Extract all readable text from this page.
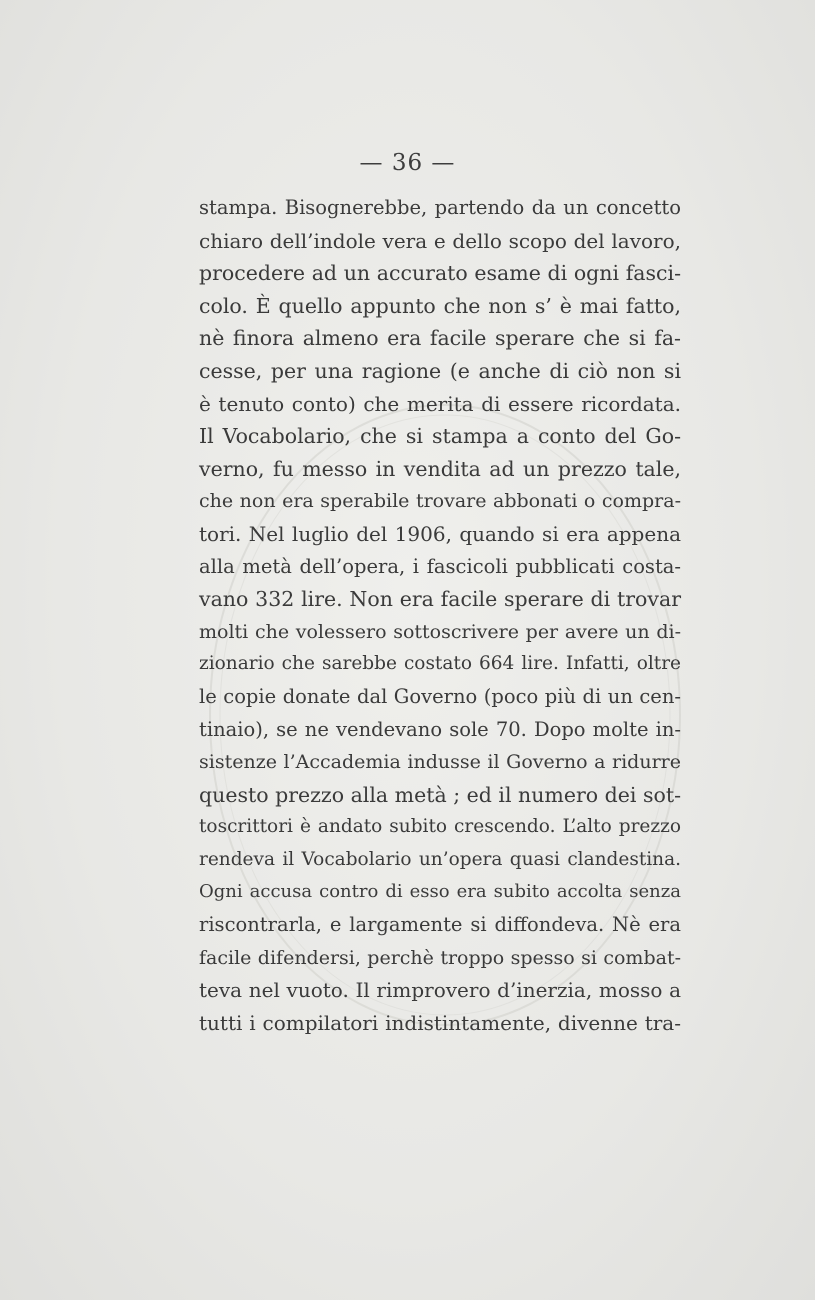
— 36 —
stampa. Bisognerebbe, partendo da un concetto
chiaro dell’indole vera e dello scopo del lavoro,
procedere ad un accurato esame di ogni fasci-
colo. È quello appunto che non s’ è mai fatto,
nè finora almeno era facile sperare che si fa-
cesse, per una ragione (e anche di ciò non si
è tenuto conto) che merita di essere ricordata.
Il Vocabolario, che si stampa a conto del Go-
verno, fu messo in vendita ad un prezzo tale,
che non era sperabile trovare abbonati o compra-
tori. Nel luglio del 1906, quando si era appena
alla metà dell’opera, i fascicoli pubblicati costa-
vano 332 lire. Non era facile sperare di trovar
molti che volessero sottoscrivere per avere un di-
zionario che sarebbe costato 664 lire. Infatti, oltre
le copie donate dal Governo (poco più di un cen-
tinaio), se ne vendevano sole 70. Dopo molte in-
sistenze l’Accademia indusse il Governo a ridurre
questo prezzo alla metà ; ed il numero dei sot-
toscrittori è andato subito crescendo. L’alto prezzo
rendeva il Vocabolario un’opera quasi clandestina.
Ogni accusa contro di esso era subito accolta senza
riscontrarla, e largamente si diffondeva. Nè era
facile difendersi, perchè troppo spesso si combat-
teva nel vuoto. Il rimprovero d’inerzia, mosso a
tutti i compilatori indistintamente, divenne tra-
